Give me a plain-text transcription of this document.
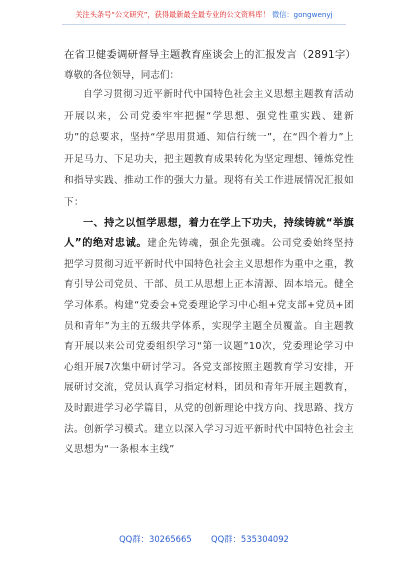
关注头条号“公文研究”，获得最新最全最专业的公文资料库！ 微信：gongwenyj
在省卫健委调研督导主题教育座谈会上的汇报发言（2891字）

尊敬的各位领导，同志们：

自学习贯彻习近平新时代中国特色社会主义思想主题教育活动开展以来，公司党委牢牢把握“学思想、强党性重实践、建新功”的总要求，坚持“学思用贯通、知信行统一”，在“四个着力”上开足马力、下足功夫，把主题教育成果转化为坚定理想、锤炼党性和指导实践、推动工作的强大力量。现将有关工作进展情况汇报如下：

一、持之以恒学思想，着力在学上下功夫，持续铸就“举旗人”的绝对忠诚。建企先铸魂，强企先强魂。公司党委始终坚持把学习贯彻习近平新时代中国特色社会主义思想作为重中之重，教育引导公司党员、干部、员工从思想上正本清源、固本培元。健全学习体系。构建“党委会+党委理论学习中心组+党支部+党员+团员和青年”为主的五级共学体系，实现学主题全员覆盖。自主题教育开展以来公司党委组织学习“第一议题”10次，党委理论学习中心组开展7次集中研讨学习。各党支部按照主题教育学习安排，开展研讨交流，党员认真学习指定材料，团员和青年开展主题教育，及时跟进学习必学篇目，从党的创新理论中找方向、找思路、找方法。创新学习模式。建立以深入学习习近平新时代中国特色社会主义思想为“一条根本主线”

QQ群：30265665 QQ群：535304092
